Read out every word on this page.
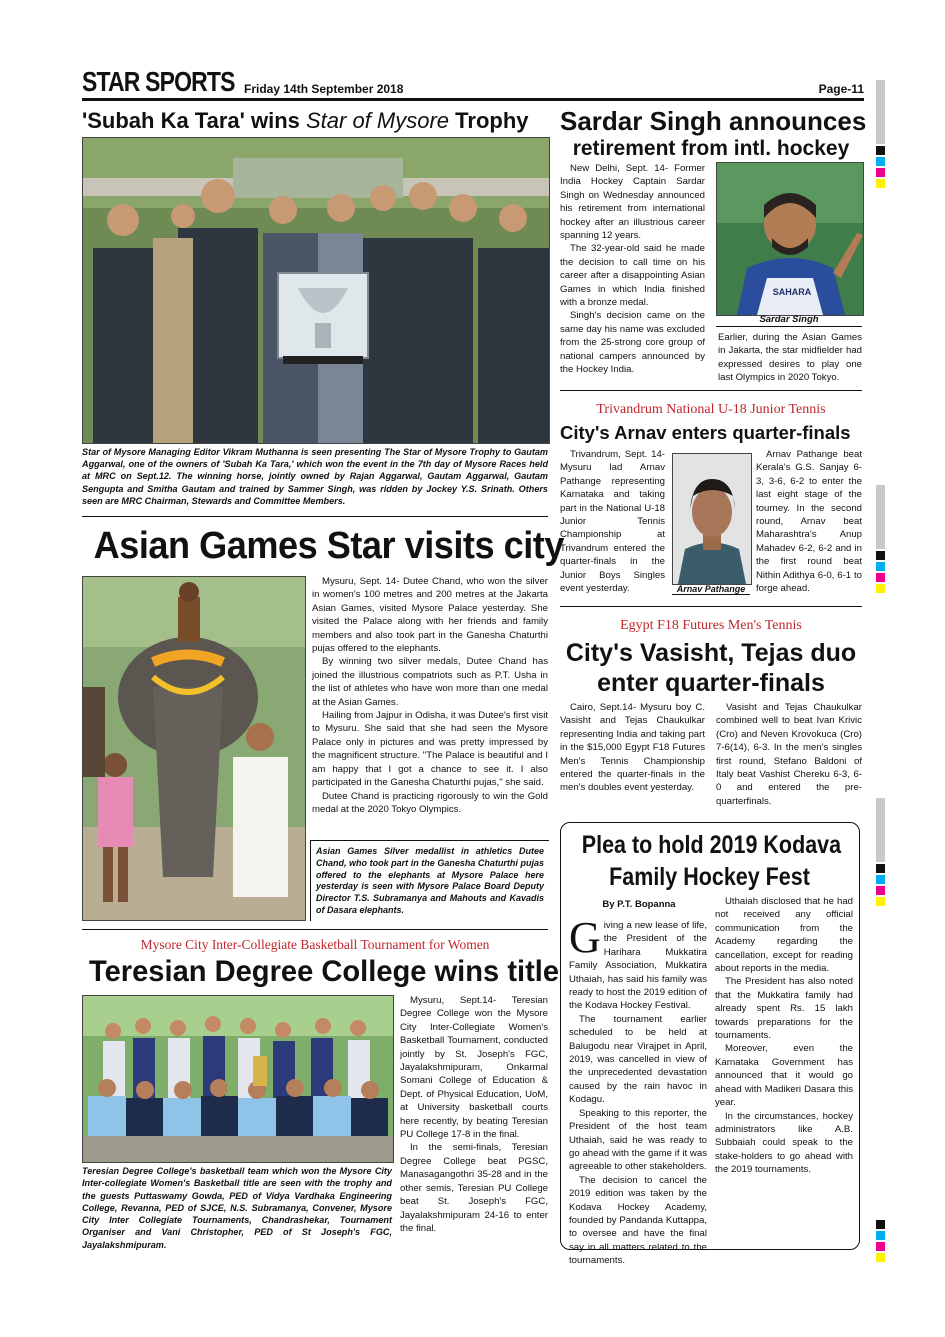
STAR SPORTS Friday 14th September 2018	Page-11
'Subah Ka Tara' wins Star of Mysore Trophy
Star of Mysore Managing Editor Vikram Muthanna is seen presenting The Star of Mysore Trophy to Gautam Aggarwal, one of the owners of 'Subah Ka Tara,' which won the event in the 7th day of Mysore Races held at MRC on Sept.12. The winning horse, jointly owned by Rajan Aggarwal, Gautam Aggarwal, Gautam Sengupta and Smitha Gautam and trained by Sammer Singh, was ridden by Jockey Y.S. Srinath. Others seen are MRC Chairman, Stewards and Committee Members.
Sardar Singh announces
retirement from intl. hockey

New Delhi, Sept. 14- Former India Hockey Captain Sardar Singh on Wednesday announced his retirement from international hockey after an illustrious career spanning 12 years.

The 32-year-old said he made the decision to call time on his career after a disappointing Asian Games in which India finished with a bronze medal.

Singh's decision came on the same day his name was excluded from the 25-strong core group of national campers announced by the Hockey India.

SAHARA
Sardar Singh

Earlier, during the Asian Games in Jakarta, the star midfielder had expressed desires to play one last Olympics in 2020 Tokyo.

Trivandrum National U-18 Junior Tennis
City's Arnav enters quarter-finals

Trivandrum, Sept. 14- Mysuru lad Arnav Pathange representing Karnataka and taking part in the National U-18 Junior Tennis Championship at Trivandrum entered the quarter-finals in the Junior Boys Singles event yesterday.	Arnav Pathange

Arnav Pathange beat Kerala's G.S. Sanjay 6-3, 3-6, 6-2 to enter the last eight stage of the tourney. In the second round, Arnav beat Maharashtra's Anup Mahadev 6-2, 6-2 and in the first round beat Nithin Adithya 6-0, 6-1 to forge ahead.

Egypt F18 Futures Men's Tennis
City's Vasisht, Tejas duo
enter quarter-finals

Cairo, Sept.14- Mysuru boy C. Vasisht and Tejas Chaukulkar representing India and taking part in the $15,000 Egypt F18 Futures Men's Tennis Championship entered the quarter-finals in the men's doubles event yesterday.

Vasisht and Tejas Chaukulkar combined well to beat Ivan Krivic (Cro) and Neven Krovokuca (Cro) 7-6(14), 6-3. In the men's singles first round, Stefano Baldoni of Italy beat Vashist Chereku 6-3, 6-0 and entered the pre-quarterfinals.

Plea to hold 2019 Kodava
Family Hockey Fest
By P.T. Bopanna

Giving a new lease of life, the President of the Harihara Mukkatira Family Association, Mukkatira Uthaiah, has said his family was ready to host the 2019 edition of the Kodava Hockey Festival.

The tournament earlier scheduled to be held at Balugodu near Virajpet in April, 2019, was cancelled in view of the unprecedented devastation caused by the rain havoc in Kodagu.

Speaking to this reporter, the President of the host team Uthaiah, said he was ready to go ahead with the game if it was agreeable to other stakeholders.

The decision to cancel the 2019 edition was taken by the Kodava Hockey Academy, founded by Pandanda Kuttappa, to oversee and have the final say in all matters related to the tournaments.

Uthaiah disclosed that he had not received any official communication from the Academy regarding the cancellation, except for reading about reports in the media.

The President has also noted that the Mukkatira family had already spent Rs. 15 lakh towards preparations for the tournaments.

Moreover, even the Karnataka Government has announced that it would go ahead with Madikeri Dasara this year.

In the circumstances, hockey administrators like A.B. Subbaiah could speak to the stake-holders to go ahead with the 2019 tournaments.

Asian Games Star visits city

Mysuru, Sept. 14- Dutee Chand, who won the silver in women's 100 metres and 200 metres at the Jakarta Asian Games, visited Mysore Palace yesterday. She visited the Palace along with her friends and family members and also took part in the Ganesha Chaturthi pujas offered to the elephants.

By winning two silver medals, Dutee Chand has joined the illustrious compatriots such as P.T. Usha in the list of athletes who have won more than one medal at the Asian Games.

Hailing from Jajpur in Odisha, it was Dutee's first visit to Mysuru. She said that she had seen the Mysore Palace only in pictures and was pretty impressed by the magnificent structure. "The Palace is beautiful and I am happy that I got a chance to see it. I also participated in the Ganesha Chaturthi pujas," she said.

Dutee Chand is practicing rigorously to win the Gold medal at the 2020 Tokyo Olympics.

Asian Games Silver medallist in athletics Dutee Chand, who took part in the Ganesha Chaturthi pujas offered to the elephants at Mysore Palace here yesterday is seen with Mysore Palace Board Deputy Director T.S. Subramanya and Mahouts and Kavadis of Dasara elephants.
Mysore City Inter-Collegiate Basketball Tournament for Women
Teresian Degree College wins title
Teresian Degree College's basketball team which won the Mysore City Inter-collegiate Women's Basketball title are seen with the trophy and the guests Puttaswamy Gowda, PED of Vidya Vardhaka Engineering College, Revanna, PED of SJCE, N.S. Subramanya, Convener, Mysore City Inter Collegiate Tournaments, Chandrashekar, Tournament Organiser and Vani Christopher, PED of St Joseph's FGC, Jayalakshmipuram.

Mysuru, Sept.14- Teresian Degree College won the Mysore City Inter-Collegiate Women's Basketball Tournament, conducted jointly by St. Joseph's FGC, Jayalakshmipuram, Onkarmal Somani College of Education & Dept. of Physical Education, UoM, at University basketball courts here recently, by beating Teresian PU College 17-8 in the final.

In the semi-finals, Teresian Degree College beat PGSC, Manasagangothri 35-28 and in the other semis, Teresian PU College beat St. Joseph's FGC, Jayalakshmipuram 24-16 to enter the final.
